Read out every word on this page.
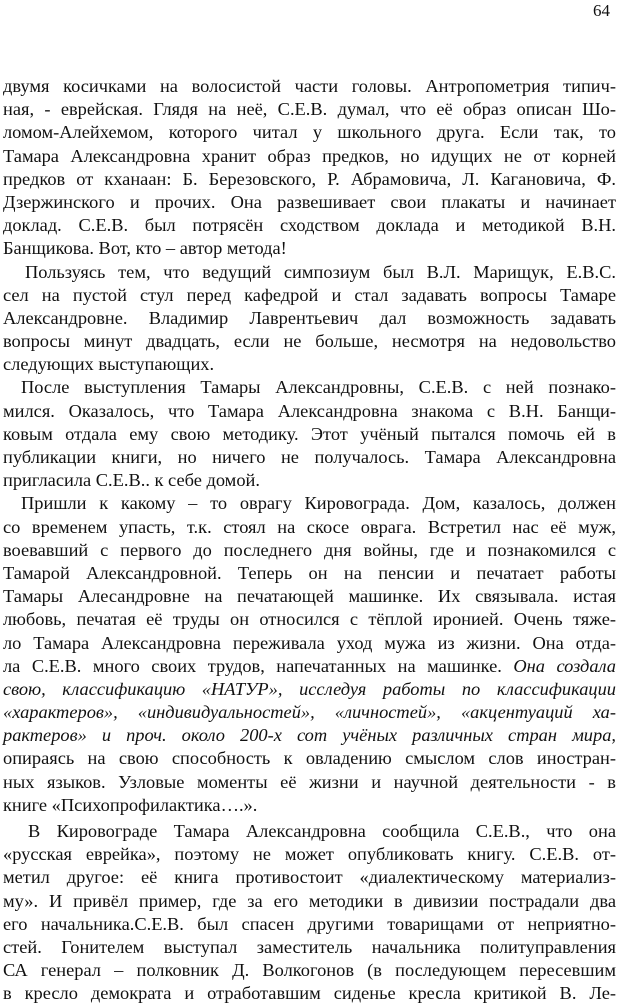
64
двумя косичками на волосистой части головы. Антропометрия типич-
ная, - еврейская. Глядя на неё, С.Е.В. думал, что её образ описан Шо-
ломом-Алейхемом, которого читал у школьного друга. Если так, то
Тамара Александровна хранит образ предков, но идущих не от корней
предков от кханаан: Б. Березовского, Р. Абрамовича, Л. Кагановича, Ф.
Дзержинского и прочих. Она развешивает свои плакаты и начинает
доклад. С.Е.В. был потрясён сходством доклада и методикой В.Н.
Банщикова. Вот, кто – автор метода!
Пользуясь тем, что ведущий симпозиум был В.Л. Марищук, Е.В.С.
сел на пустой стул перед кафедрой и стал задавать вопросы Тамаре
Александровне. Владимир Лаврентьевич дал возможность задавать
вопросы минут двадцать, если не больше, несмотря на недовольство
следующих выступающих.
После выступления Тамары Александровны, С.Е.В. с ней познако-
мился. Оказалось, что Тамара Александровна знакома с В.Н. Банщи-
ковым отдала ему свою методику. Этот учёный пытался помочь ей в
публикации книги, но ничего не получалось. Тамара Александровна
пригласила С.Е.В.. к себе домой.
Пришли к какому – то оврагу Кировограда. Дом, казалось, должен
со временем упасть, т.к. стоял на скосе оврага. Встретил нас её муж,
воевавший с первого до последнего дня войны, где и познакомился с
Тамарой Александровной. Теперь он на пенсии и печатает работы
Тамары Алесандровне на печатающей машинке. Их связывала. истая
любовь, печатая её труды он относился с тёплой иронией. Очень тяже-
ло Тамара Александровна переживала уход мужа из жизни. Она отда-
ла С.Е.В. много своих трудов, напечатанных на машинке. Она создала
свою, классификацию «НАТУР», исследуя работы по классификации
«характеров», «индивидуальностей», «личностей», «акцентуаций ха-
рактеров» и проч. около 200-х сот учёных различных стран мира,
опираясь на свою способность к овладению смыслом слов иностран-
ных языков. Узловые моменты её жизни и научной деятельности - в
книге «Психопрофилактика….».
В Кировограде Тамара Александровна сообщила С.Е.В., что она
«русская еврейка», поэтому не может опубликовать книгу. С.Е.В. от-
метил другое: её книга противостоит «диалектическому материализ-
му». И привёл пример, где за его методики в дивизии пострадали два
его начальника.С.Е.В. был спасен другими товарищами от неприятно-
стей. Гонителем выступал заместитель начальника политуправления
СА генерал – полковник Д. Волкогонов (в последующем пересевшим
в кресло демократа и отработавшим сиденье кресла критикой В. Ле-
